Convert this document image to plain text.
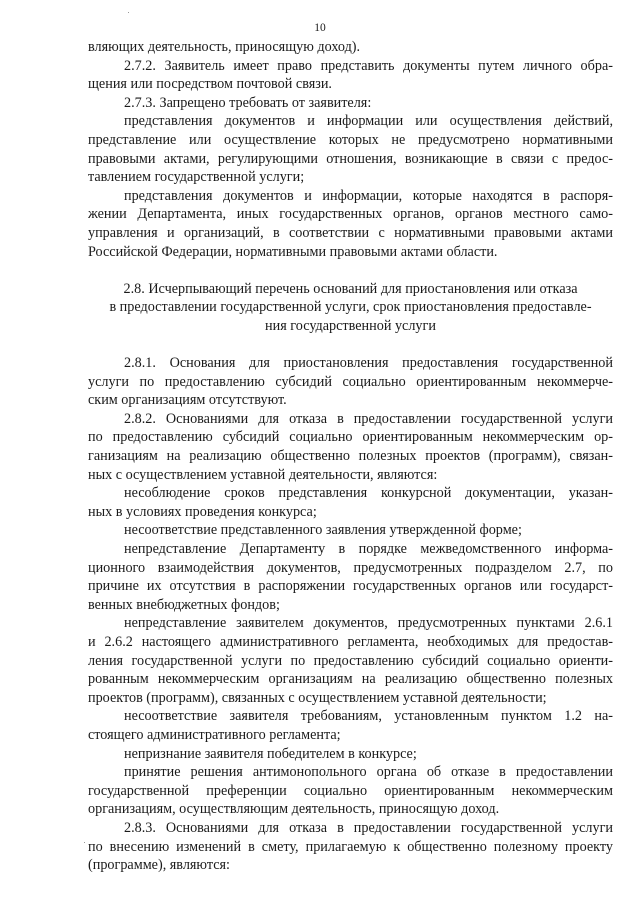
10
вляющих деятельность, приносящую доход).
2.7.2. Заявитель имеет право представить документы путем личного обра-
щения или посредством почтовой связи.
2.7.3. Запрещено требовать от заявителя:
представления документов и информации или осуществления действий,
представление или осуществление которых не предусмотрено нормативными
правовыми актами, регулирующими отношения, возникающие в связи с предос-
тавлением государственной услуги;
представления документов и информации, которые находятся в распоря-
жении Департамента, иных государственных органов, органов местного само-
управления и организаций, в соответствии с нормативными правовыми актами
Российской Федерации, нормативными правовыми актами области.
2.8. Исчерпывающий перечень оснований для приостановления или отказа
в предоставлении государственной услуги, срок приостановления предоставле-
ния государственной услуги
2.8.1. Основания для приостановления предоставления государственной
услуги по предоставлению субсидий социально ориентированным некоммерче-
ским организациям отсутствуют.
2.8.2. Основаниями для отказа в предоставлении государственной услуги
по предоставлению субсидий социально ориентированным некоммерческим ор-
ганизациям на реализацию общественно полезных проектов (программ), связан-
ных с осуществлением уставной деятельности, являются:
несоблюдение сроков представления конкурсной документации, указан-
ных в условиях проведения конкурса;
несоответствие представленного заявления утвержденной форме;
непредставление Департаменту в порядке межведомственного информа-
ционного взаимодействия документов, предусмотренных подразделом 2.7, по
причине их отсутствия в распоряжении государственных органов или государст-
венных внебюджетных фондов;
непредставление заявителем документов, предусмотренных пунктами 2.6.1
и 2.6.2 настоящего административного регламента, необходимых для предостав-
ления государственной услуги по предоставлению субсидий социально ориенти-
рованным некоммерческим организациям на реализацию общественно полезных
проектов (программ), связанных с осуществлением уставной деятельности;
несоответствие заявителя требованиям, установленным пунктом 1.2 на-
стоящего административного регламента;
непризнание заявителя победителем в конкурсе;
принятие решения антимонопольного органа об отказе в предоставлении
государственной преференции социально ориентированным некоммерческим
организациям, осуществляющим деятельность, приносящую доход.
2.8.3. Основаниями для отказа в предоставлении государственной услуги
по внесению изменений в смету, прилагаемую к общественно полезному проекту
(программе), являются:
